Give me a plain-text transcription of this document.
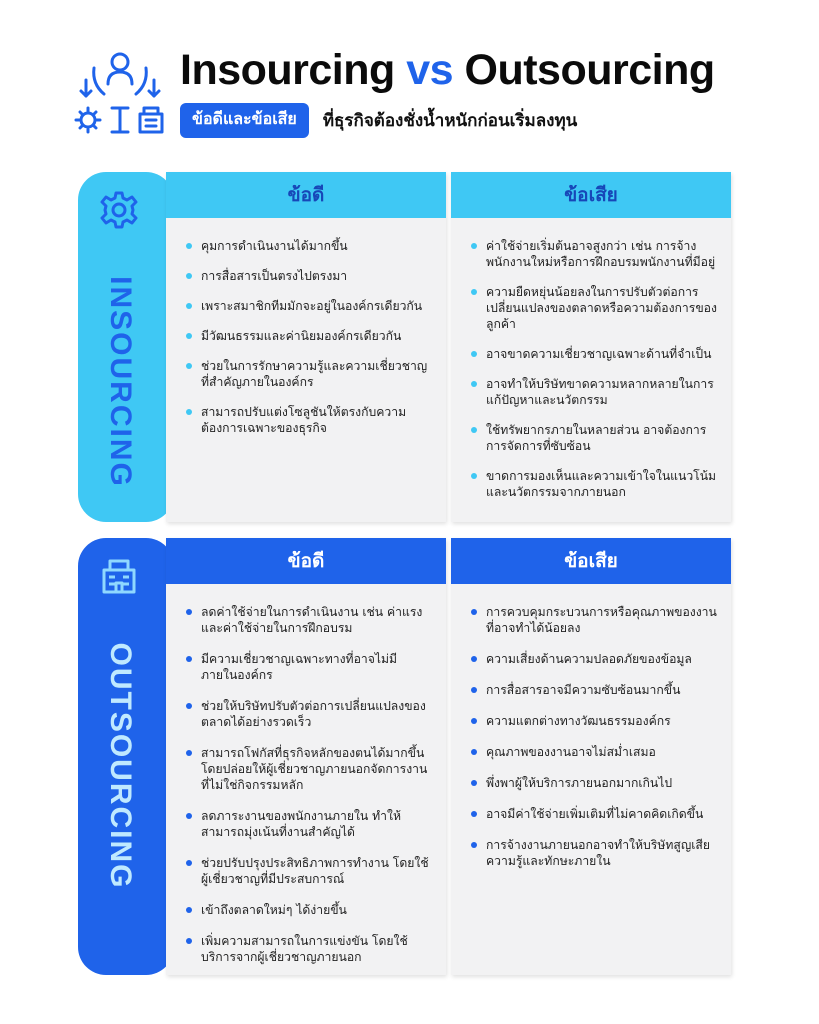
Insourcing vs Outsourcing
ข้อดีและข้อเสีย	ที่ธุรกิจต้องชั่งน้ำหนักก่อนเริ่มลงทุน
INSOURCING
ข้อดี
คุมการดำเนินงานได้มากขึ้น
การสื่อสารเป็นตรงไปตรงมา
เพราะสมาชิกทีมมักจะอยู่ในองค์กรเดียวกัน
มีวัฒนธรรมและค่านิยมองค์กรเดียวกัน
ช่วยในการรักษาความรู้และความเชี่ยวชาญที่สำคัญภายในองค์กร
สามารถปรับแต่งโซลูชันให้ตรงกับความต้องการเฉพาะของธุรกิจ
ข้อเสีย
ค่าใช้จ่ายเริ่มต้นอาจสูงกว่า เช่น การจ้างพนักงานใหม่หรือการฝึกอบรมพนักงานที่มีอยู่
ความยืดหยุ่นน้อยลงในการปรับตัวต่อการเปลี่ยนแปลงของตลาดหรือความต้องการของลูกค้า
อาจขาดความเชี่ยวชาญเฉพาะด้านที่จำเป็น
อาจทำให้บริษัทขาดความหลากหลายในการแก้ปัญหาและนวัตกรรม
ใช้ทรัพยากรภายในหลายส่วน อาจต้องการการจัดการที่ซับซ้อน
ขาดการมองเห็นและความเข้าใจในแนวโน้มและนวัตกรรมจากภายนอก
OUTSOURCING
ข้อดี
ลดค่าใช้จ่ายในการดำเนินงาน เช่น ค่าแรงและค่าใช้จ่ายในการฝึกอบรม
มีความเชี่ยวชาญเฉพาะทางที่อาจไม่มีภายในองค์กร
ช่วยให้บริษัทปรับตัวต่อการเปลี่ยนแปลงของตลาดได้อย่างรวดเร็ว
สามารถโฟกัสที่ธุรกิจหลักของตนได้มากขึ้น โดยปล่อยให้ผู้เชี่ยวชาญภายนอกจัดการงานที่ไม่ใช่กิจกรรมหลัก
ลดภาระงานของพนักงานภายใน ทำให้สามารถมุ่งเน้นที่งานสำคัญได้
ช่วยปรับปรุงประสิทธิภาพการทำงาน โดยใช้ผู้เชี่ยวชาญที่มีประสบการณ์
เข้าถึงตลาดใหม่ๆ ได้ง่ายขึ้น
เพิ่มความสามารถในการแข่งขัน โดยใช้บริการจากผู้เชี่ยวชาญภายนอก
ข้อเสีย
การควบคุมกระบวนการหรือคุณภาพของงานที่อาจทำได้น้อยลง
ความเสี่ยงด้านความปลอดภัยของข้อมูล
การสื่อสารอาจมีความซับซ้อนมากขึ้น
ความแตกต่างทางวัฒนธรรมองค์กร
คุณภาพของงานอาจไม่สม่ำเสมอ
พึ่งพาผู้ให้บริการภายนอกมากเกินไป
อาจมีค่าใช้จ่ายเพิ่มเติมที่ไม่คาดคิดเกิดขึ้น
การจ้างงานภายนอกอาจทำให้บริษัทสูญเสียความรู้และทักษะภายใน
